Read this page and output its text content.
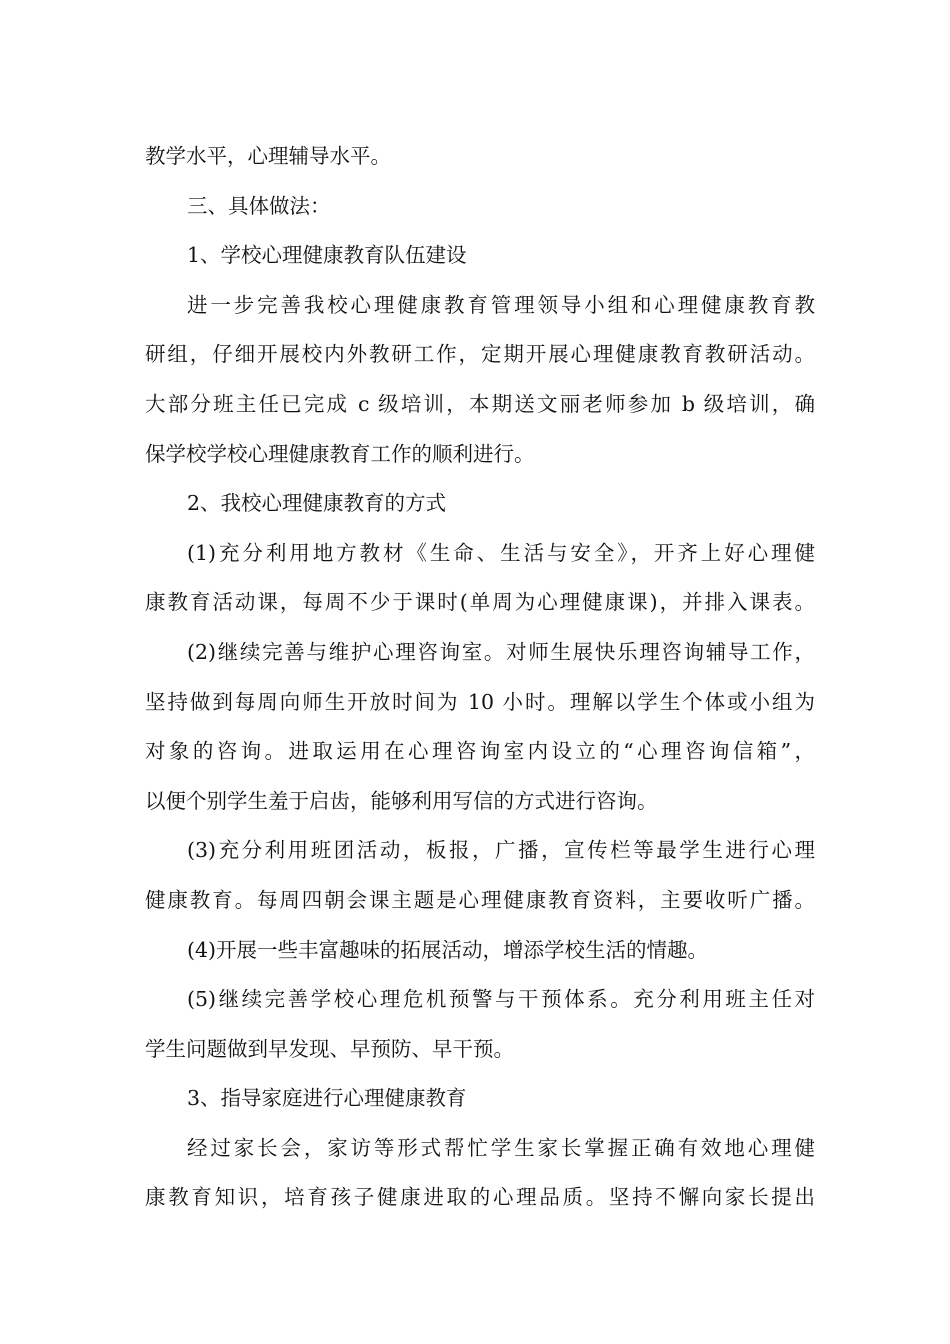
教学水平，心理辅导水平。
三、具体做法：
1、学校心理健康教育队伍建设
进一步完善我校心理健康教育管理领导小组和心理健康教育教
研组，仔细开展校内外教研工作，定期开展心理健康教育教研活动。
大部分班主任已完成 c 级培训，本期送文丽老师参加 b 级培训，确
保学校学校心理健康教育工作的顺利进行。
2、我校心理健康教育的方式
(1)充分利用地方教材《生命、生活与安全》，开齐上好心理健
康教育活动课，每周不少于课时(单周为心理健康课)，并排入课表。
(2)继续完善与维护心理咨询室。对师生展快乐理咨询辅导工作，
坚持做到每周向师生开放时间为 10 小时。理解以学生个体或小组为
对象的咨询。进取运用在心理咨询室内设立的“心理咨询信箱”，
以便个别学生羞于启齿，能够利用写信的方式进行咨询。
(3)充分利用班团活动，板报，广播，宣传栏等最学生进行心理
健康教育。每周四朝会课主题是心理健康教育资料，主要收听广播。
(4)开展一些丰富趣味的拓展活动，增添学校生活的情趣。
(5)继续完善学校心理危机预警与干预体系。充分利用班主任对
学生问题做到早发现、早预防、早干预。
3、指导家庭进行心理健康教育
经过家长会，家访等形式帮忙学生家长掌握正确有效地心理健
康教育知识，培育孩子健康进取的心理品质。坚持不懈向家长提出
